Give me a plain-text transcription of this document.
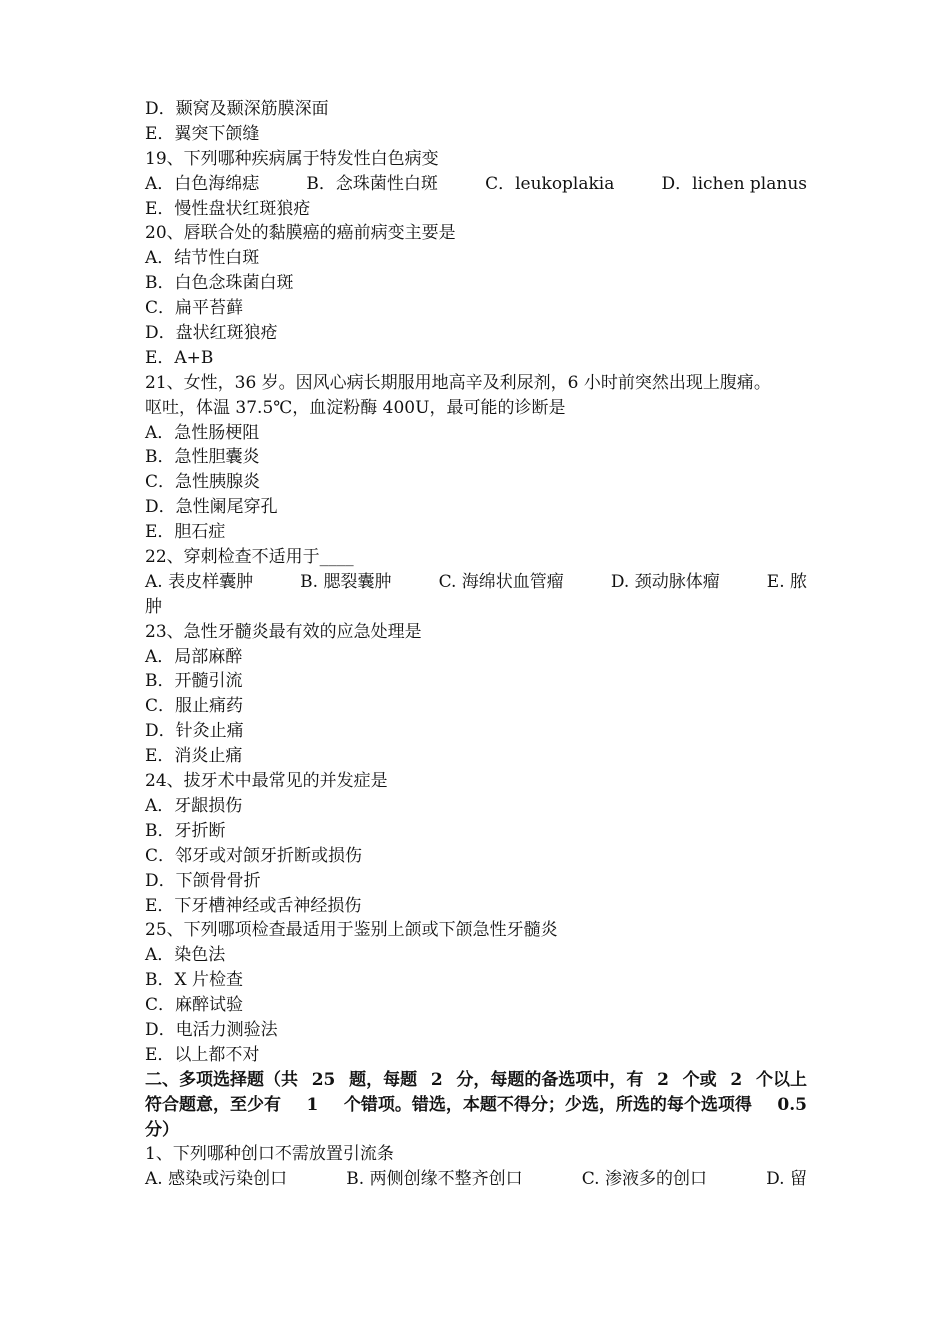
D．颞窝及颞深筋膜深面
E．翼突下颌缝
19、下列哪种疾病属于特发性白色病变
A．白色海绵痣	B．念珠菌性白斑	C．leukoplakia	D．lichen planus
E．慢性盘状红斑狼疮
20、唇联合处的黏膜癌的癌前病变主要是
A．结节性白斑
B．白色念珠菌白斑
C．扁平苔藓
D．盘状红斑狼疮
E．A+B
21、女性，36 岁。因风心病长期服用地高辛及利尿剂，6 小时前突然出现上腹痛。
呕吐，体温 37.5℃，血淀粉酶 400U，最可能的诊断是
A．急性肠梗阻
B．急性胆囊炎
C．急性胰腺炎
D．急性阑尾穿孔
E．胆石症
22、穿刺检查不适用于____
A. 表皮样囊肿	B. 腮裂囊肿	C. 海绵状血管瘤	D. 颈动脉体瘤	E. 脓
肿
23、急性牙髓炎最有效的应急处理是
A．局部麻醉
B．开髓引流
C．服止痛药
D．针灸止痛
E．消炎止痛
24、拔牙术中最常见的并发症是
A．牙龈损伤
B．牙折断
C．邻牙或对颌牙折断或损伤
D．下颌骨骨折
E．下牙槽神经或舌神经损伤
25、下列哪项检查最适用于鉴别上颌或下颌急性牙髓炎
A．染色法
B．X 片检查
C．麻醉试验
D．电活力测验法
E．以上都不对
二、多项选择题（共 25 题，每题 2 分，每题的备选项中，有 2 个或 2 个以上
符合题意，至少有 1 个错项。错选，本题不得分；少选，所选的每个选项得 0.5
分）
1、下列哪种创口不需放置引流条
A. 感染或污染创口	B. 两侧创缘不整齐创口	C. 渗液多的创口	D. 留
